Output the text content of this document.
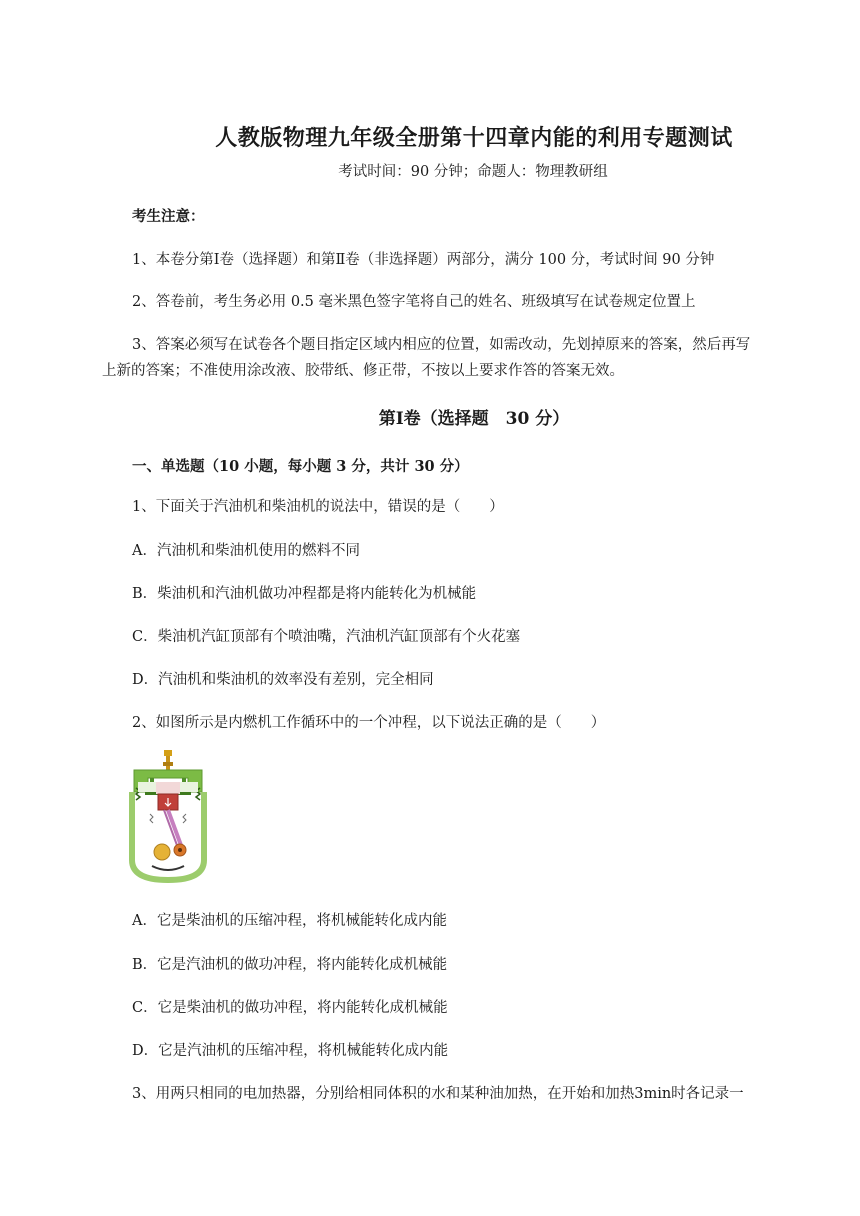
人教版物理九年级全册第十四章内能的利用专题测试
考试时间：90 分钟；命题人：物理教研组
考生注意：
1、本卷分第Ⅰ卷（选择题）和第Ⅱ卷（非选择题）两部分，满分 100 分，考试时间 90 分钟
2、答卷前，考生务必用 0.5 毫米黑色签字笔将自己的姓名、班级填写在试卷规定位置上
3、答案必须写在试卷各个题目指定区域内相应的位置，如需改动，先划掉原来的答案，然后再写
上新的答案；不准使用涂改液、胶带纸、修正带，不按以上要求作答的答案无效。
第Ⅰ卷（选择题　30 分）
一、单选题（10 小题，每小题 3 分，共计 30 分）
1、下面关于汽油机和柴油机的说法中，错误的是（　　）
A．汽油机和柴油机使用的燃料不同
B．柴油机和汽油机做功冲程都是将内能转化为机械能
C．柴油机汽缸顶部有个喷油嘴，汽油机汽缸顶部有个火花塞
D．汽油机和柴油机的效率没有差别，完全相同
2、如图所示是内燃机工作循环中的一个冲程，以下说法正确的是（　　）
A．它是柴油机的压缩冲程，将机械能转化成内能
B．它是汽油机的做功冲程，将内能转化成机械能
C．它是柴油机的做功冲程，将内能转化成机械能
D．它是汽油机的压缩冲程，将机械能转化成内能
3、用两只相同的电加热器，分别给相同体积的水和某种油加热，在开始和加热3min时各记录一
